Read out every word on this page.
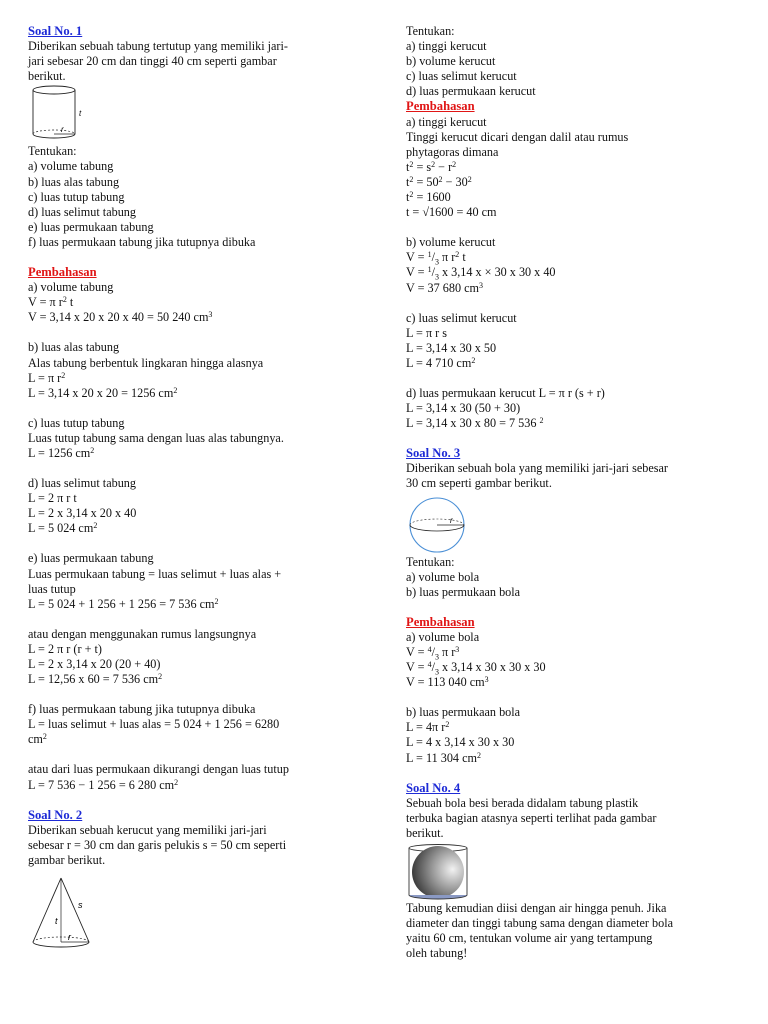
Soal No. 1
Diberikan sebuah tabung tertutup yang memiliki jari-
jari sebesar 20 cm dan tinggi 40 cm seperti gambar
berikut.
t
r
Tentukan:
a) volume tabung
b) luas alas tabung
c) luas tutup tabung
d) luas selimut tabung
e) luas permukaan tabung
f) luas permukaan tabung jika tutupnya dibuka
Pembahasan
a) volume tabung
V = π $r^2$ t
V = 3,14 x 20 x 20 x 40 = 50 240 $cm^3$
b) luas alas tabung
Alas tabung berbentuk lingkaran hingga alasnya
L = π $r^2$
L = 3,14 x 20 x 20 = 1256 $cm^2$
c) luas tutup tabung
Luas tutup tabung sama dengan luas alas tabungnya.
L = 1256 $cm^2$
d) luas selimut tabung
L = 2 π r t
L = 2 x 3,14 x 20 x 40
L = 5 024 $cm^2$
e) luas permukaan tabung
Luas permukaan tabung = luas selimut + luas alas +
luas tutup
L = 5 024 + 1 256 + 1 256 = 7 536 $cm^2$
atau dengan menggunakan rumus langsungnya
L = 2 π r (r + t)
L = 2 x 3,14 x 20 (20 + 40)
L = 12,56 x 60 = 7 536 $cm^2$
f) luas permukaan tabung jika tutupnya dibuka
L = luas selimut + luas alas = 5 024 + 1 256 = 6280
$cm^2$
atau dari luas permukaan dikurangi dengan luas tutup
L = 7 536 − 1 256 = 6 280 $cm^2$
Soal No. 2
Diberikan sebuah kerucut yang memiliki jari-jari
sebesar r = 30 cm dan garis pelukis s = 50 cm seperti
gambar berikut.
s
t
r
Tentukan:
a) tinggi kerucut
b) volume kerucut
c) luas selimut kerucut
d) luas permukaan kerucut
Pembahasan
a) tinggi kerucut
Tinggi kerucut dicari dengan dalil atau rumus
phytagoras dimana
$t^2 = s^2 - r^2$
$t^2 = 50^2 - 30^2$
$t^2 = 1600$
t = √1600 = 40 cm
b) volume kerucut
$V = ^1/_3$ π $r^2$ t
$V = ^1/_3$ x 3,14 x × 30 x 30 x 40
V = 37 680 $cm^3$
c) luas selimut kerucut
L = π r s
L = 3,14 x 30 x 50
L = 4 710 $cm^2$
d) luas permukaan kerucut L = π r (s + r)
L = 3,14 x 30 (50 + 30)
L = 3,14 x 30 x 80 = 7 536 $^2$
Soal No. 3
Diberikan sebuah bola yang memiliki jari-jari sebesar
30 cm seperti gambar berikut.
r
Tentukan:
a) volume bola
b) luas permukaan bola
Pembahasan
a) volume bola
$V = ^4/_3$ π $r^3$
$V = ^4/_3$ x 3,14 x 30 x 30 x 30
V = 113 040 $cm^3$
b) luas permukaan bola
L = 4π $r^2$
L = 4 x 3,14 x 30 x 30
L = 11 304 $cm^2$
Soal No. 4
Sebuah bola besi berada didalam tabung plastik
terbuka bagian atasnya seperti terlihat pada gambar
berikut.
Tabung kemudian diisi dengan air hingga penuh. Jika
diameter dan tinggi tabung sama dengan diameter bola
yaitu 60 cm, tentukan volume air yang tertampung
oleh tabung!
